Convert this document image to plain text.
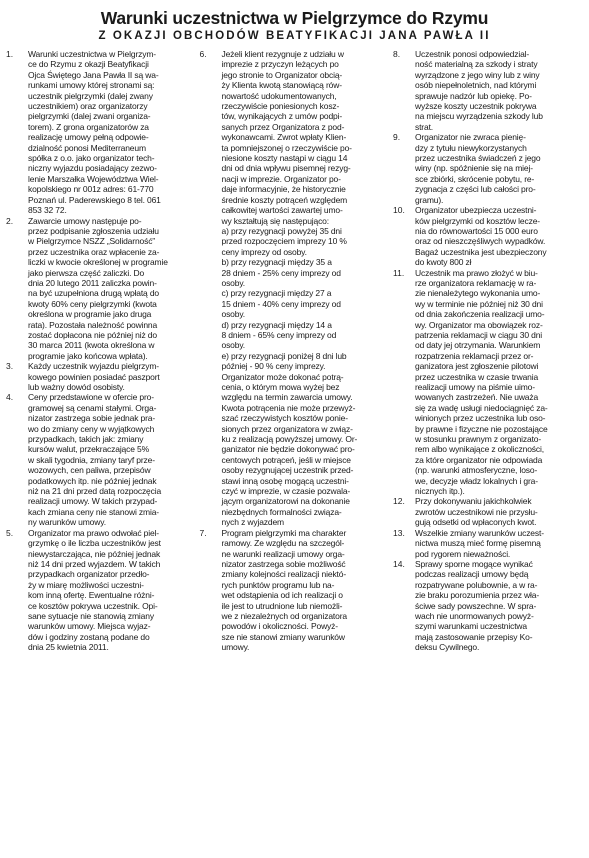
Warunki uczestnictwa w Pielgrzymce do Rzymu
Z OKAZJI OBCHODÓW BEATYFIKACJI JANA PAWŁA II
1.	Warunki uczestnictwa w Pielgrzym-
ce do Rzymu z okazji Beatyfikacji
Ojca Świętego Jana Pawła II są wa-
runkami umowy której stronami są:
uczestnik pielgrzymki (dalej zwany
uczestnikiem) oraz organizatorzy
pielgrzymki (dalej zwani organiza-
torem). Z grona organizatorów za
realizację umowy pełną odpowie-
dzialność ponosi Mediterraneum
spółka z o.o. jako organizator tech-
niczny wyjazdu posiadający zezwo-
lenie Marszałka Województwa Wiel-
kopolskiego nr 001z adres: 61-770
Poznań ul. Paderewskiego 8 tel. 061
853 32 72.
2.	Zawarcie umowy następuje po-
przez podpisanie zgłoszenia udziału
w Pielgrzymce NSZZ „Solidarność”
przez uczestnika oraz wpłacenie za-
liczki w kwocie określonej w programie
jako pierwsza część zaliczki. Do
dnia 20 lutego 2011 zaliczka powin-
na być uzupełniona drugą wpłatą do
kwoty 60% ceny pielgrzymki (kwota
określona w programie jako druga
rata). Pozostała należność powinna
zostać dopłacona nie później niż do
30 marca 2011 (kwota określona w
programie jako końcowa wpłata).
3.	Każdy uczestnik wyjazdu pielgrzym-
kowego powinien posiadać paszport
lub ważny dowód osobisty.
4.	Ceny przedstawione w ofercie pro-
gramowej są cenami stałymi. Orga-
nizator zastrzega sobie jednak pra-
wo do zmiany ceny w wyjątkowych
przypadkach, takich jak: zmiany
kursów walut, przekraczające 5%
w skali tygodnia, zmiany taryf prze-
wozowych, cen paliwa, przepisów
podatkowych itp. nie później jednak
niż na 21 dni przed datą rozpoczęcia
realizacji umowy. W takich przypad-
kach zmiana ceny nie stanowi zmia-
ny warunków umowy.
5.	Organizator ma prawo odwołać piel-
grzymkę o ile liczba uczestników jest
niewystarczająca, nie później jednak
niż 14 dni przed wyjazdem. W takich
przypadkach organizator przedło-
ży w miarę możliwości uczestni-
kom inną ofertę. Ewentualne różni-
ce kosztów pokrywa uczestnik. Opi-
sane sytuacje nie stanowią zmiany
warunków umowy. Miejsca wyjaz-
dów i godziny zostaną podane do
dnia 25 kwietnia 2011.
6.	Jeżeli klient rezygnuje z udziału w
imprezie z przyczyn leżących po
jego stronie to Organizator obcią-
ży Klienta kwotą stanowiącą rów-
nowartość udokumentowanych,
rzeczywiście poniesionych kosz-
tów, wynikających z umów podpi-
sanych przez Organizatora z pod-
wykonawcami. Zwrot wpłaty Klien-
ta pomniejszonej o rzeczywiście po-
niesione koszty nastąpi w ciągu 14
dni od dnia wpływu pisemnej rezyg-
nacji w imprezie. Organizator po-
daje informacyjnie, że historycznie
średnie koszty potrąceń względem
całkowitej wartości zawartej umo-
wy kształtują się następująco:
a) przy rezygnacji powyżej 35 dni
przed rozpoczęciem imprezy 10 %
ceny imprezy od osoby.
b) przy rezygnacji między 35 a
28 dniem - 25% ceny imprezy od
osoby.
c) przy rezygnacji między 27 a
15 dniem - 40% ceny imprezy od
osoby.
d) przy rezygnacji między 14 a
8 dniem - 65% ceny imprezy od
osoby.
e) przy rezygnacji poniżej 8 dni lub
później - 90 % ceny imprezy.
Organizator może dokonać potrą-
cenia, o którym mowa wyżej bez
względu na termin zawarcia umowy.
Kwota potrącenia nie może przewyż-
szać rzeczywistych kosztów ponie-
sionych przez organizatora w związ-
ku z realizacją powyższej umowy. Or-
ganizator nie będzie dokonywać pro-
centowych potrąceń, jeśli w miejsce
osoby rezygnującej uczestnik przed-
stawi inną osobę mogącą uczestni-
czyć w imprezie, w czasie pozwala-
jącym organizatorowi na dokonanie
niezbędnych formalności związa-
nych z wyjazdem
7.	Program pielgrzymki ma charakter
ramowy. Ze względu na szczegól-
ne warunki realizacji umowy orga-
nizator zastrzega sobie możliwość
zmiany kolejności realizacji niektó-
rych punktów programu lub na-
wet odstąpienia od ich realizacji o
ile jest to utrudnione lub niemożli-
we z niezależnych od organizatora
powodów i okoliczności. Powyż-
sze nie stanowi zmiany warunków
umowy.
8.	Uczestnik ponosi odpowiedzial-
ność materialną za szkody i straty
wyrządzone z jego winy lub z winy
osób niepełnoletnich, nad którymi
sprawuje nadzór lub opiekę. Po-
wyższe koszty uczestnik pokrywa
na miejscu wyrządzenia szkody lub
strat.
9.	Organizator nie zwraca pienię-
dzy z tytułu niewykorzystanych
przez uczestnika świadczeń z jego
winy (np. spóźnienie się na miej-
sce zbiórki, skrócenie pobytu, re-
zygnacja z części lub całości pro-
gramu).
10.	Organizator ubezpiecza uczestni-
ków pielgrzymki od kosztów lecze-
nia do równowartości 15 000 euro
oraz od nieszczęśliwych wypadków.
Bagaż uczestnika jest ubezpieczony
do kwoty 800 zł
11.	Uczestnik ma prawo złożyć w biu-
rze organizatora reklamację w ra-
zie nienależytego wykonania umo-
wy w terminie nie później niż 30 dni
od dnia zakończenia realizacji umo-
wy. Organizator ma obowiązek roz-
patrzenia reklamacji w ciągu 30 dni
od daty jej otrzymania. Warunkiem
rozpatrzenia reklamacji przez or-
ganizatora jest zgłoszenie pilotowi
przez uczestnika w czasie trwania
realizacji umowy na piśmie uimo-
wowanych zastrzeżeń. Nie uważa
się za wadę usługi niedociągnięć za-
winionych przez uczestnika lub oso-
by prawne i fizyczne nie pozostające
w stosunku prawnym z organizato-
rem albo wynikające z okoliczności,
za które organizator nie odpowiada
(np. warunki atmosferyczne, loso-
we, decyzje władz lokalnych i gra-
nicznych itp.).
12.	Przy dokonywaniu jakichkolwiek
zwrotów uczestnikowi nie przysłu-
gują odsetki od wpłaconych kwot.
13.	Wszelkie zmiany warunków uczest-
nictwa muszą mieć formę pisemną
pod rygorem nieważności.
14.	Sprawy sporne mogące wynikać
podczas realizacji umowy będą
rozpatrywane polubownie, a w ra-
zie braku porozumienia przez wła-
ściwe sady powszechne. W spra-
wach nie unormowanych powyż-
szymi warunkami uczestnictwa
mają zastosowanie przepisy Ko-
deksu Cywilnego.
